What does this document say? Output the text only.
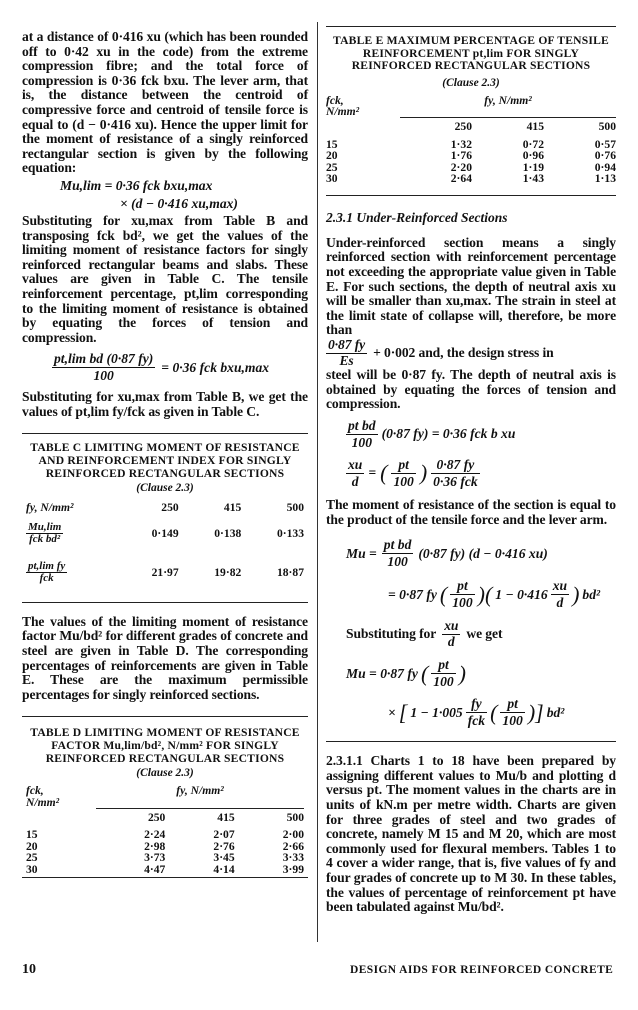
at a distance of 0·416 xu (which has been rounded off to 0·42 xu in the code) from the extreme compression fibre; and the total force of compression is 0·36 fck bxu. The lever arm, that is, the distance between the centroid of compressive force and centroid of tensile force is equal to (d − 0·416 xu). Hence the upper limit for the moment of resistance of a singly reinforced rectangular section is given by the following equation:

Mu,lim = 0·36 fck bxu,max
× (d − 0·416 xu,max)

Substituting for xu,max from Table B and transposing fck bd², we get the values of the limiting moment of resistance factors for singly reinforced rectangular beams and slabs. These values are given in Table C. The tensile reinforcement percentage, pt,lim corresponding to the limiting moment of resistance is obtained by equating the forces of tension and compression.

$\frac{\text{pt,lim bd (0·87 fy)}}{100} = 0\cdot 36$ fck bxu,max

Substituting for xu,max from Table B, we get the values of pt,lim fy/fck as given in Table C.

TABLE C LIMITING MOMENT OF RESISTANCE AND REINFORCEMENT INDEX FOR SINGLY REINFORCED RECTANGULAR SECTIONS
(Clause 2.3)
fy, N/mm²	250	415	500

$\frac{Mu,\lim}{\text{fck bd²}}$	0·149	0·138	0·133

$\frac{\text{pt,lim fy}}{\text{fck}}$	21·97	19·82	18·87

The values of the limiting moment of resistance factor Mu/bd² for different grades of concrete and steel are given in Table D. The corresponding percentages of reinforcements are given in Table E. These are the maximum permissible percentages for singly reinforced sections.

TABLE D LIMITING MOMENT OF RESISTANCE FACTOR Mu,lim/bd², N/mm² FOR SINGLY REINFORCED RECTANGULAR SECTIONS
(Clause 2.3)
fck,	fy, N/mm²		
N/mm²			
	250	415	500

15	2·24	2·07	2·00
20	2·98	2·76	2·66
25	3·73	3·45	3·33
30	4·47	4·14	3·99
TABLE E MAXIMUM PERCENTAGE OF TENSILE REINFORCEMENT pt,lim FOR SINGLY REINFORCED RECTANGULAR SECTIONS
(Clause 2.3)
fck,	fy, N/mm²		
N/mm²			
	250	415	500

15	1·32	0·72	0·57
20	1·76	0·96	0·76
25	2·20	1·19	0·94
30	2·64	1·43	1·13
2.3.1 Under-Reinforced Sections

Under-reinforced section means a singly reinforced section with reinforcement percentage not exceeding the appropriate value given in Table E. For such sections, the depth of neutral axis xu will be smaller than xu,max. The strain in steel at the limit state of collapse will, therefore, be more than

$\frac{0\cdot 87 fy}{Es} + 0\cdot 002$ and, the design stress in

steel will be 0·87 fy. The depth of neutral axis is obtained by equating the forces of tension and compression.

$\frac{\text{pt bd}}{100} (0\cdot 87$ fy) = 0·36 fck b xu
$\frac{xu}{d}$ = ( $\frac{pt}{100}$ ) $\frac{0\cdot 87 fy}{\text{0·36 fck}}$

The moment of resistance of the section is equal to the product of the tensile force and the lever arm.

$Mu = \frac{\text{pt bd}}{100} (0\cdot 87$ fy) (d − 0·416 xu)
= 0·87 fy ( $\frac{pt}{100}$ )( $1 - 0\cdot 416 \frac{xu}{d}$ ) bd²
Substituting for $\frac{xu}{d}$ we get
Mu = 0·87 fy ( $\frac{pt}{100}$ )
× [ $1 - 1\cdot 005 \frac{fy}{\text{fck}}$ ( $\frac{pt}{100}$ )] bd²

2.3.1.1 Charts 1 to 18 have been prepared by assigning different values to Mu/b and plotting d versus pt. The moment values in the charts are in units of kN.m per metre width. Charts are given for three grades of steel and two grades of concrete, namely M 15 and M 20, which are most commonly used for flexural members. Tables 1 to 4 cover a wider range, that is, five values of fy and four grades of concrete up to M 30. In these tables, the values of percentage of reinforcement pt have been tabulated against Mu/bd².

10	DESIGN AIDS FOR REINFORCED CONCRETE
